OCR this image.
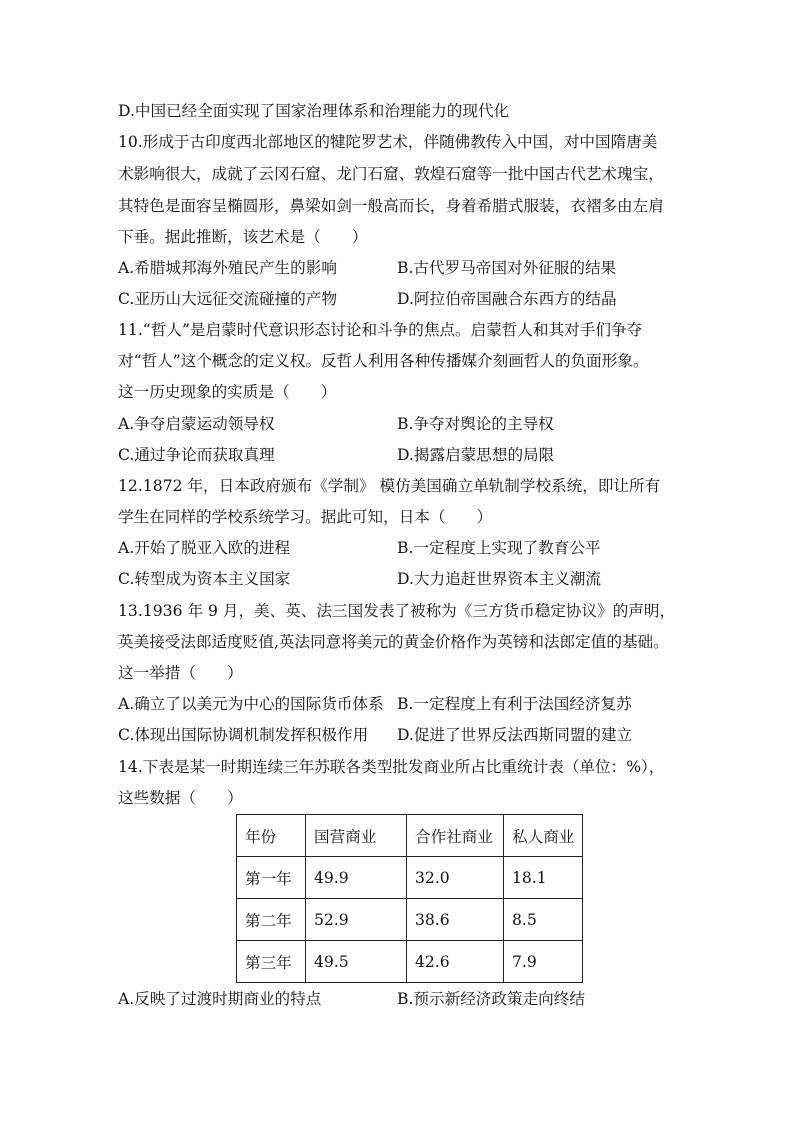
D.中国已经全面实现了国家治理体系和治理能力的现代化
10.形成于古印度西北部地区的犍陀罗艺术，伴随佛教传入中国，对中国隋唐美
术影响很大，成就了云冈石窟、龙门石窟、敦煌石窟等一批中国古代艺术瑰宝，
其特色是面容呈椭圆形，鼻梁如剑一般高而长，身着希腊式服装，衣褶多由左肩
下垂。据此推断，该艺术是（　　）
A.希腊城邦海外殖民产生的影响	B.古代罗马帝国对外征服的结果
C.亚历山大远征交流碰撞的产物	D.阿拉伯帝国融合东西方的结晶
11.“哲人”是启蒙时代意识形态讨论和斗争的焦点。启蒙哲人和其对手们争夺
对“哲人”这个概念的定义权。反哲人利用各种传播媒介刻画哲人的负面形象。
这一历史现象的实质是（　　）
A.争夺启蒙运动领导权	B.争夺对舆论的主导权
C.通过争论而获取真理	D.揭露启蒙思想的局限
12.1872 年，日本政府颁布《学制》 模仿美国确立单轨制学校系统，即让所有
学生在同样的学校系统学习。据此可知，日本（　　）
A.开始了脱亚入欧的进程	B.一定程度上实现了教育公平
C.转型成为资本主义国家	D.大力追赶世界资本主义潮流
13.1936 年 9 月，美、英、法三国发表了被称为《三方货币稳定协议》的声明，
英美接受法郎适度贬值,英法同意将美元的黄金价格作为英镑和法郎定值的基础。
这一举措（　　）
A.确立了以美元为中心的国际货币体系 B.一定程度上有利于法国经济复苏
C.体现出国际协调机制发挥积极作用 D.促进了世界反法西斯同盟的建立
14.下表是某一时期连续三年苏联各类型批发商业所占比重统计表（单位：%），
这些数据（　　）
年份	国营商业	合作社商业	私人商业
第一年	49.9	32.0	18.1
第二年	52.9	38.6	8.5
第三年	49.5	42.6	7.9
A.反映了过渡时期商业的特点	B.预示新经济政策走向终结
